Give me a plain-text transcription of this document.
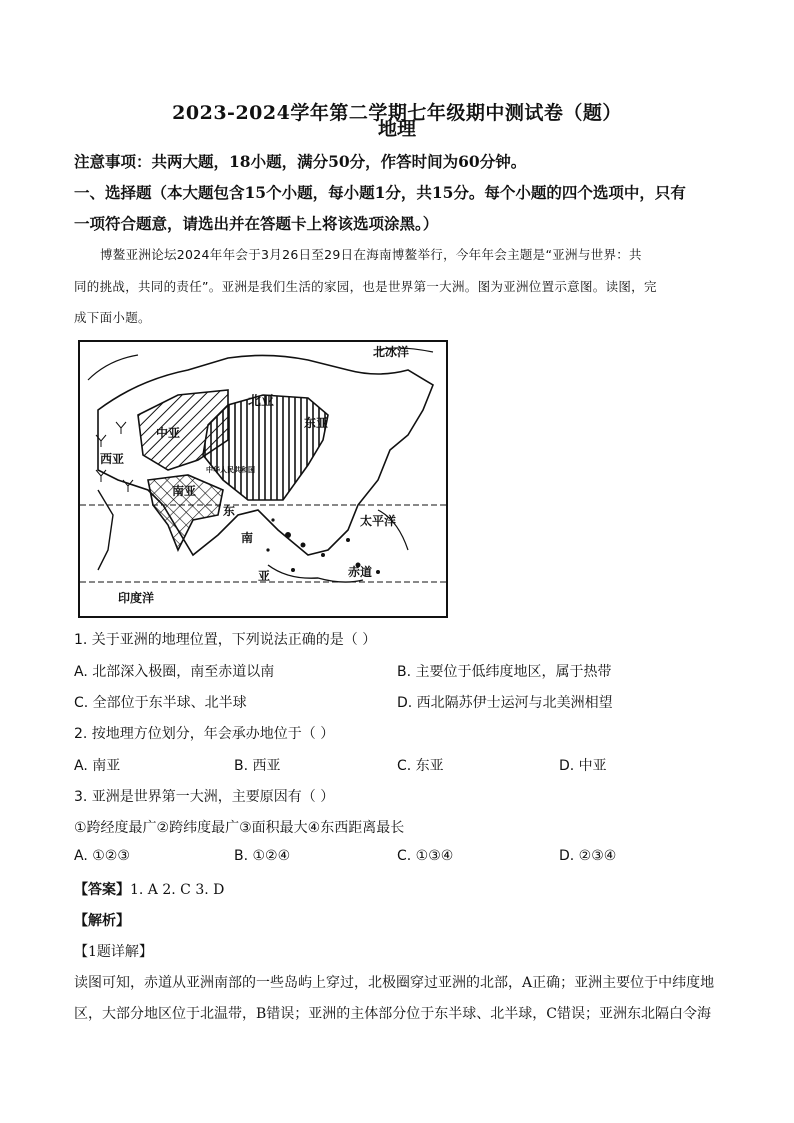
2023-2024学年第二学期七年级期中测试卷（题）
地理
注意事项：共两大题，18小题，满分50分，作答时间为60分钟。
一、选择题（本大题包含15个小题，每小题1分，共15分。每个小题的四个选项中，只有
一项符合题意，请选出并在答题卡上将该选项涂黑。）
博鳌亚洲论坛2024年年会于3月26日至29日在海南博鳌举行，今年年会主题是“亚洲与世界：共
同的挑战，共同的责任”。亚洲是我们生活的家园，也是世界第一大洲。图为亚洲位置示意图。读图，完
成下面小题。
北亚
中亚
西亚
南亚
东亚
中华人民共和国
东
南
亚
北冰洋
太平洋
印度洋
赤道
1. 关于亚洲的地理位置，下列说法正确的是（ ）
A. 北部深入极圈，南至赤道以南	B. 主要位于低纬度地区，属于热带
C. 全部位于东半球、北半球	D. 西北隔苏伊士运河与北美洲相望
2. 按地理方位划分，年会承办地位于（ ）
A. 南亚	B. 西亚	C. 东亚	D. 中亚
3. 亚洲是世界第一大洲，主要原因有（ ）
①跨经度最广②跨纬度最广③面积最大④东西距离最长
A. ①②③	B. ①②④	C. ①③④	D. ②③④
【答案】1. A 2. C 3. D
【解析】
【1题详解】
读图可知，赤道从亚洲南部的一些岛屿上穿过，北极圈穿过亚洲的北部，A正确；亚洲主要位于中纬度地
区，大部分地区位于北温带，B错误；亚洲的主体部分位于东半球、北半球，C错误；亚洲东北隔白令海
